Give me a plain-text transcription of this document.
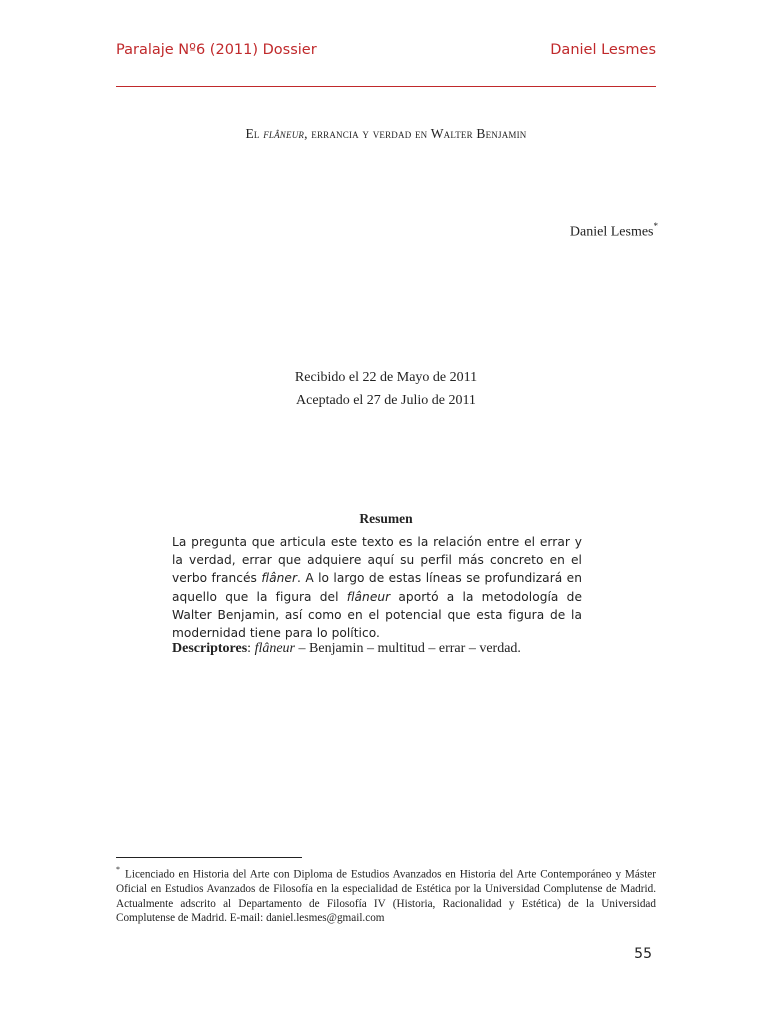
Paralaje Nº6 (2011) Dossier	Daniel Lesmes
El flâneur, errancia y verdad en Walter Benjamin
Daniel Lesmes*
Recibido el 22 de Mayo de 2011
Aceptado el 27 de Julio de 2011
Resumen
La pregunta que articula este texto es la relación entre el errar y la verdad, errar que adquiere aquí su perfil más concreto en el verbo francés flâner. A lo largo de estas líneas se profundizará en aquello que la figura del flâneur aportó a la metodología de Walter Benjamin, así como en el potencial que esta figura de la modernidad tiene para lo político.
Descriptores: flâneur – Benjamin – multitud – errar – verdad.
* Licenciado en Historia del Arte con Diploma de Estudios Avanzados en Historia del Arte Contemporáneo y Máster Oficial en Estudios Avanzados de Filosofía en la especialidad de Estética por la Universidad Complutense de Madrid. Actualmente adscrito al Departamento de Filosofía IV (Historia, Racionalidad y Estética) de la Universidad Complutense de Madrid. E-mail: daniel.lesmes@gmail.com
55
